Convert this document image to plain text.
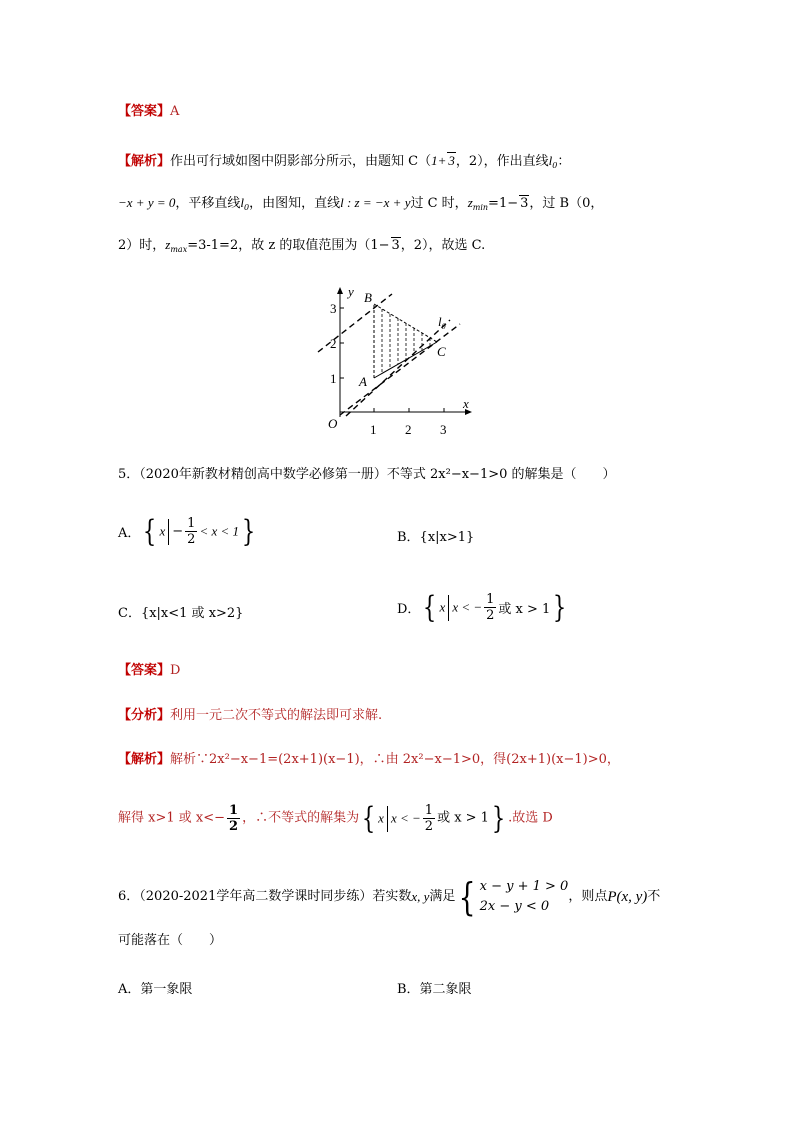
【答案】A
【解析】作出可行域如图中阴影部分所示，由题知 C（1+ 3，2），作出直线$l_0$：
−x + y = 0，平移直线$l_0$，由图知，直线l : z = −x + y过 C 时，$z_{min}=1- 3$，过 B（0，
2）时，$z_{max}=3-1=2$，故 z 的取值范围为（1− 3，2），故选 C.
y
x
O	1 2 3
1
2
3
A
B
C
$l_0$
5．（2020年新教材精创高中数学必修第一册）不等式 2x²−x−1>0 的解集是（　　）
A．{ $x - \frac{1}{2} < x < 1$}	B．{x|x>1}
C．{x|x<1 或 x>2}	D．{ x x < − $\frac{1}{2}$ 或 x > 1}
【答案】D
【分析】利用一元二次不等式的解法即可求解.
【解析】解析∵2x²−x−1=(2x+1)(x−1)，∴由 2x²−x−1>0，得(2x+1)(x−1)>0，
解得 x>1 或 $x<- \frac{1}{2}$ ，∴不等式的解集为{ x x < − $\frac{1}{2}$ 或 x > 1} .故选 D
6．（2020-2021学年高二数学课时同步练）若实数x, y满足{ x − y + 1 > 0
2x − y < 0
，则点P(x, y)不
可能落在（　　）
A．第一象限	B．第二象限
